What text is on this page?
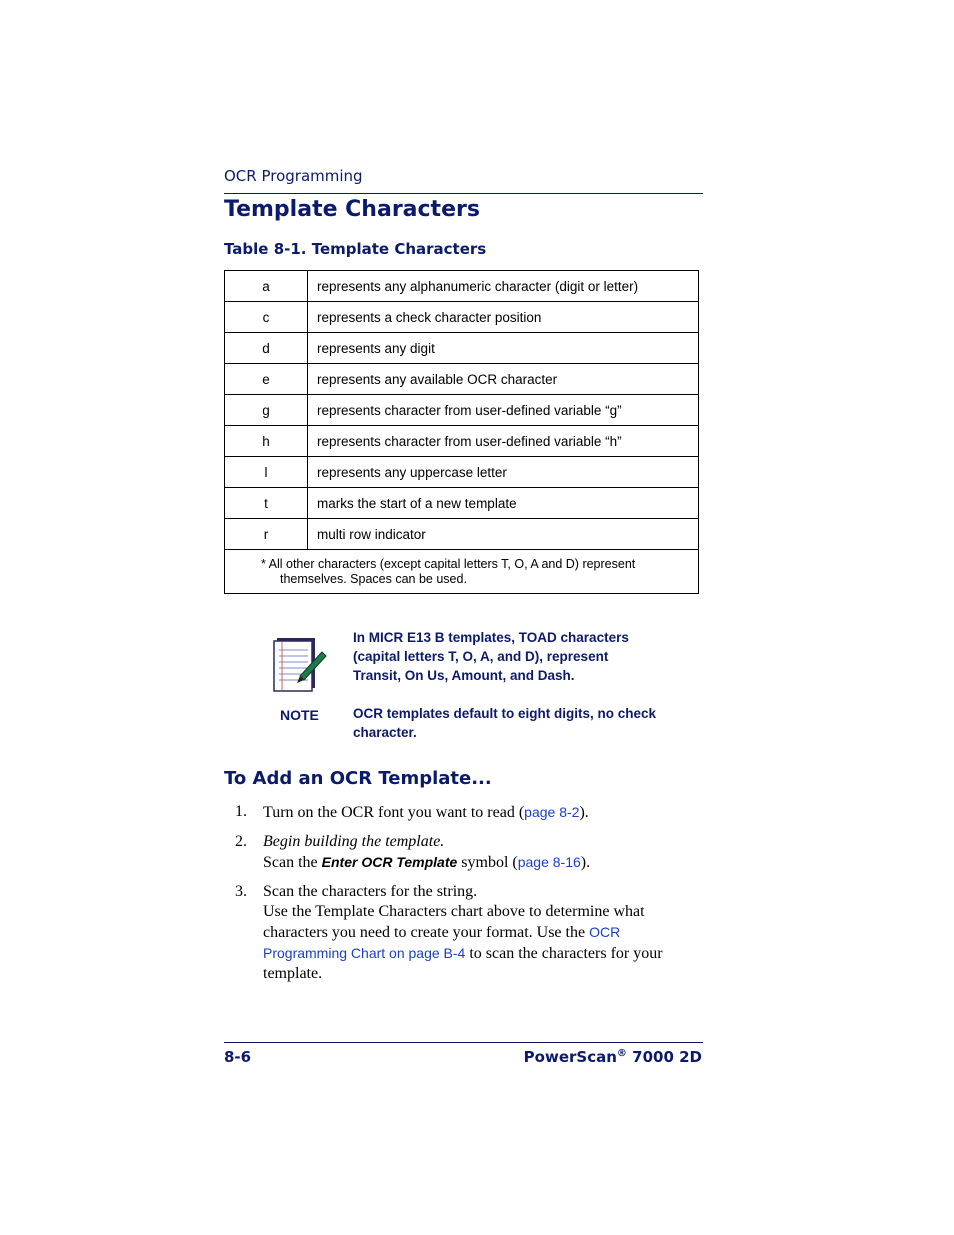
OCR Programming
Template Characters
Table 8-1. Template Characters
a	represents any alphanumeric character (digit or letter)
c	represents a check character position
d	represents any digit
e	represents any available OCR character
g	represents character from user-defined variable “g”
h	represents character from user-defined variable “h”
l	represents any uppercase letter
t	marks the start of a new template
r	multi row indicator
* All other characters (except capital letters T, O, A and D) represent
themselves. Spaces can be used.	
NOTE
In MICR E13 B templates, TOAD characters (capital letters T, O, A, and D), represent Transit, On Us, Amount, and Dash.
OCR templates default to eight digits, no check character.
To Add an OCR Template...
1. Turn on the OCR font you want to read (page 8-2).
2. Begin building the template.
Scan the Enter OCR Template symbol (page 8-16).
3. Scan the characters for the string.
Use the Template Characters chart above to determine what characters you need to create your format. Use the OCR Programming Chart on page B-4 to scan the characters for your template.
8-6	PowerScan® 7000 2D
